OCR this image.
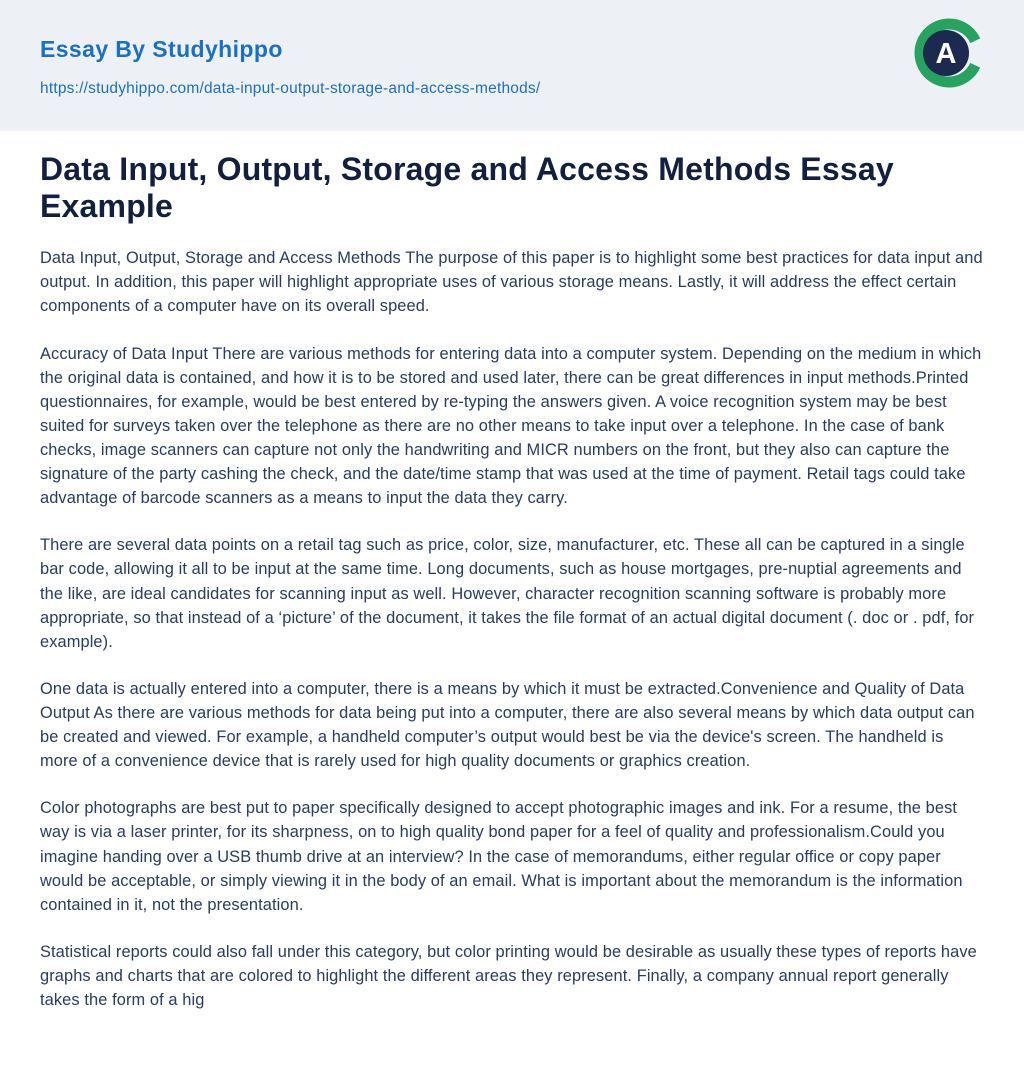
Essay By Studyhippo
https://studyhippo.com/data-input-output-storage-and-access-methods/
A
Data Input, Output, Storage and Access Methods Essay Example

Data Input, Output, Storage and Access Methods The purpose of this paper is to highlight some best practices for data input and output. In addition, this paper will highlight appropriate uses of various storage means. Lastly, it will address the effect certain components of a computer have on its overall speed.

Accuracy of Data Input There are various methods for entering data into a computer system. Depending on the medium in which the original data is contained, and how it is to be stored and used later, there can be great differences in input methods.Printed questionnaires, for example, would be best entered by re-typing the answers given. A voice recognition system may be best suited for surveys taken over the telephone as there are no other means to take input over a telephone. In the case of bank checks, image scanners can capture not only the handwriting and MICR numbers on the front, but they also can capture the signature of the party cashing the check, and the date/time stamp that was used at the time of payment. Retail tags could take advantage of barcode scanners as a means to input the data they carry.

There are several data points on a retail tag such as price, color, size, manufacturer, etc. These all can be captured in a single bar code, allowing it all to be input at the same time. Long documents, such as house mortgages, pre-nuptial agreements and the like, are ideal candidates for scanning input as well. However, character recognition scanning software is probably more appropriate, so that instead of a ‘picture’ of the document, it takes the file format of an actual digital document (. doc or . pdf, for example).

One data is actually entered into a computer, there is a means by which it must be extracted.Convenience and Quality of Data Output As there are various methods for data being put into a computer, there are also several means by which data output can be created and viewed. For example, a handheld computer’s output would best be via the device's screen. The handheld is more of a convenience device that is rarely used for high quality documents or graphics creation.

Color photographs are best put to paper specifically designed to accept photographic images and ink. For a resume, the best way is via a laser printer, for its sharpness, on to high quality bond paper for a feel of quality and professionalism.Could you imagine handing over a USB thumb drive at an interview? In the case of memorandums, either regular office or copy paper would be acceptable, or simply viewing it in the body of an email. What is important about the memorandum is the information contained in it, not the presentation.

Statistical reports could also fall under this category, but color printing would be desirable as usually these types of reports have graphs and charts that are colored to highlight the different areas they represent. Finally, a company annual report generally takes the form of a hig
